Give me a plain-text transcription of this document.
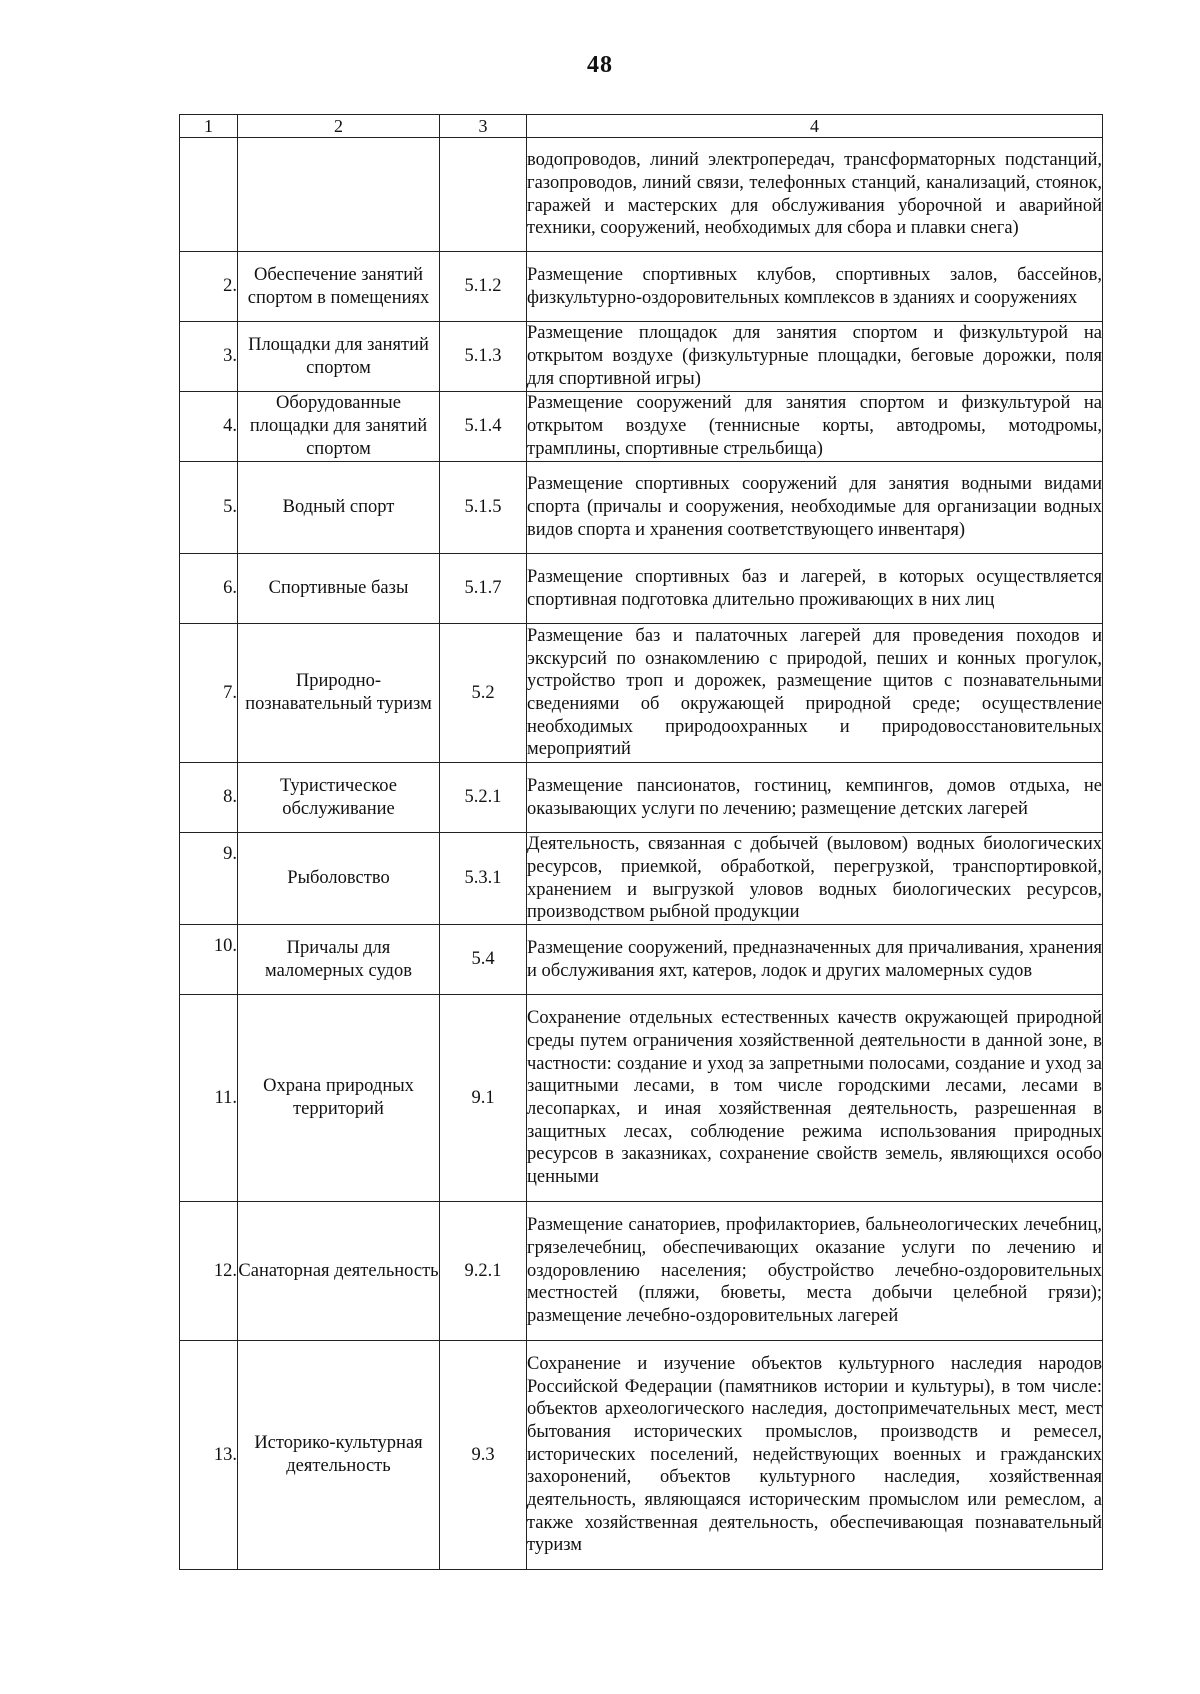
48
1	2	3	4
			водопроводов, линий электропередач, трансформаторных подстанций, газопроводов, линий связи, телефонных станций, канализаций, стоянок, гаражей и мастерских для обслуживания уборочной и аварийной техники, сооружений, необходимых для сбора и плавки снега)
2.	Обеспечение занятий спортом в помещениях	5.1.2	Размещение спортивных клубов, спортивных залов, бассейнов, физкультурно-оздоровительных комплексов в зданиях и сооружениях
3.	Площадки для занятий спортом	5.1.3	Размещение площадок для занятия спортом и физкультурой на открытом воздухе (физкультурные площадки, беговые дорожки, поля для спортивной игры)
4.	Оборудованные площадки для занятий спортом	5.1.4	Размещение сооружений для занятия спортом и физкультурой на открытом воздухе (теннисные корты, автодромы, мотодромы, трамплины, спортивные стрельбища)
5.	Водный спорт	5.1.5	Размещение спортивных сооружений для занятия водными видами спорта (причалы и сооружения, необходимые для организации водных видов спорта и хранения соответствующего инвентаря)
6.	Спортивные базы	5.1.7	Размещение спортивных баз и лагерей, в которых осуществляется спортивная подготовка длительно проживающих в них лиц
7.	Природно-познавательный туризм	5.2	Размещение баз и палаточных лагерей для проведения походов и экскурсий по ознакомлению с природой, пеших и конных прогулок, устройство троп и дорожек, размещение щитов с познавательными сведениями об окружающей природной среде; осуществление необходимых природоохранных и природовосстановительных мероприятий
8.	Туристическое обслуживание	5.2.1	Размещение пансионатов, гостиниц, кемпингов, домов отдыха, не оказывающих услуги по лечению; размещение детских лагерей
9.	Рыболовство	5.3.1	Деятельность, связанная с добычей (выловом) водных биологических ресурсов, приемкой, обработкой, перегрузкой, транспортировкой, хранением и выгрузкой уловов водных биологических ресурсов, производством рыбной продукции
10.	Причалы для маломерных судов	5.4	Размещение сооружений, предназначенных для причаливания, хранения и обслуживания яхт, катеров, лодок и других маломерных судов
11.	Охрана природных территорий	9.1	Сохранение отдельных естественных качеств окружающей природной среды путем ограничения хозяйственной деятельности в данной зоне, в частности: создание и уход за запретными полосами, создание и уход за защитными лесами, в том числе городскими лесами, лесами в лесопарках, и иная хозяйственная деятельность, разрешенная в защитных лесах, соблюдение режима использования природных ресурсов в заказниках, сохранение свойств земель, являющихся особо ценными
12.	Санаторная деятельность	9.2.1	Размещение санаториев, профилакториев, бальнеологических лечебниц, грязелечебниц, обеспечивающих оказание услуги по лечению и оздоровлению населения; обустройство лечебно-оздоровительных местностей (пляжи, бюветы, места добычи целебной грязи); размещение лечебно-оздоровительных лагерей
13.	Историко-культурная деятельность	9.3	Сохранение и изучение объектов культурного наследия народов Российской Федерации (памятников истории и культуры), в том числе: объектов археологического наследия, достопримечательных мест, мест бытования исторических промыслов, производств и ремесел, исторических поселений, недействующих военных и гражданских захоронений, объектов культурного наследия, хозяйственная деятельность, являющаяся историческим промыслом или ремеслом, а также хозяйственная деятельность, обеспечивающая познавательный туризм
